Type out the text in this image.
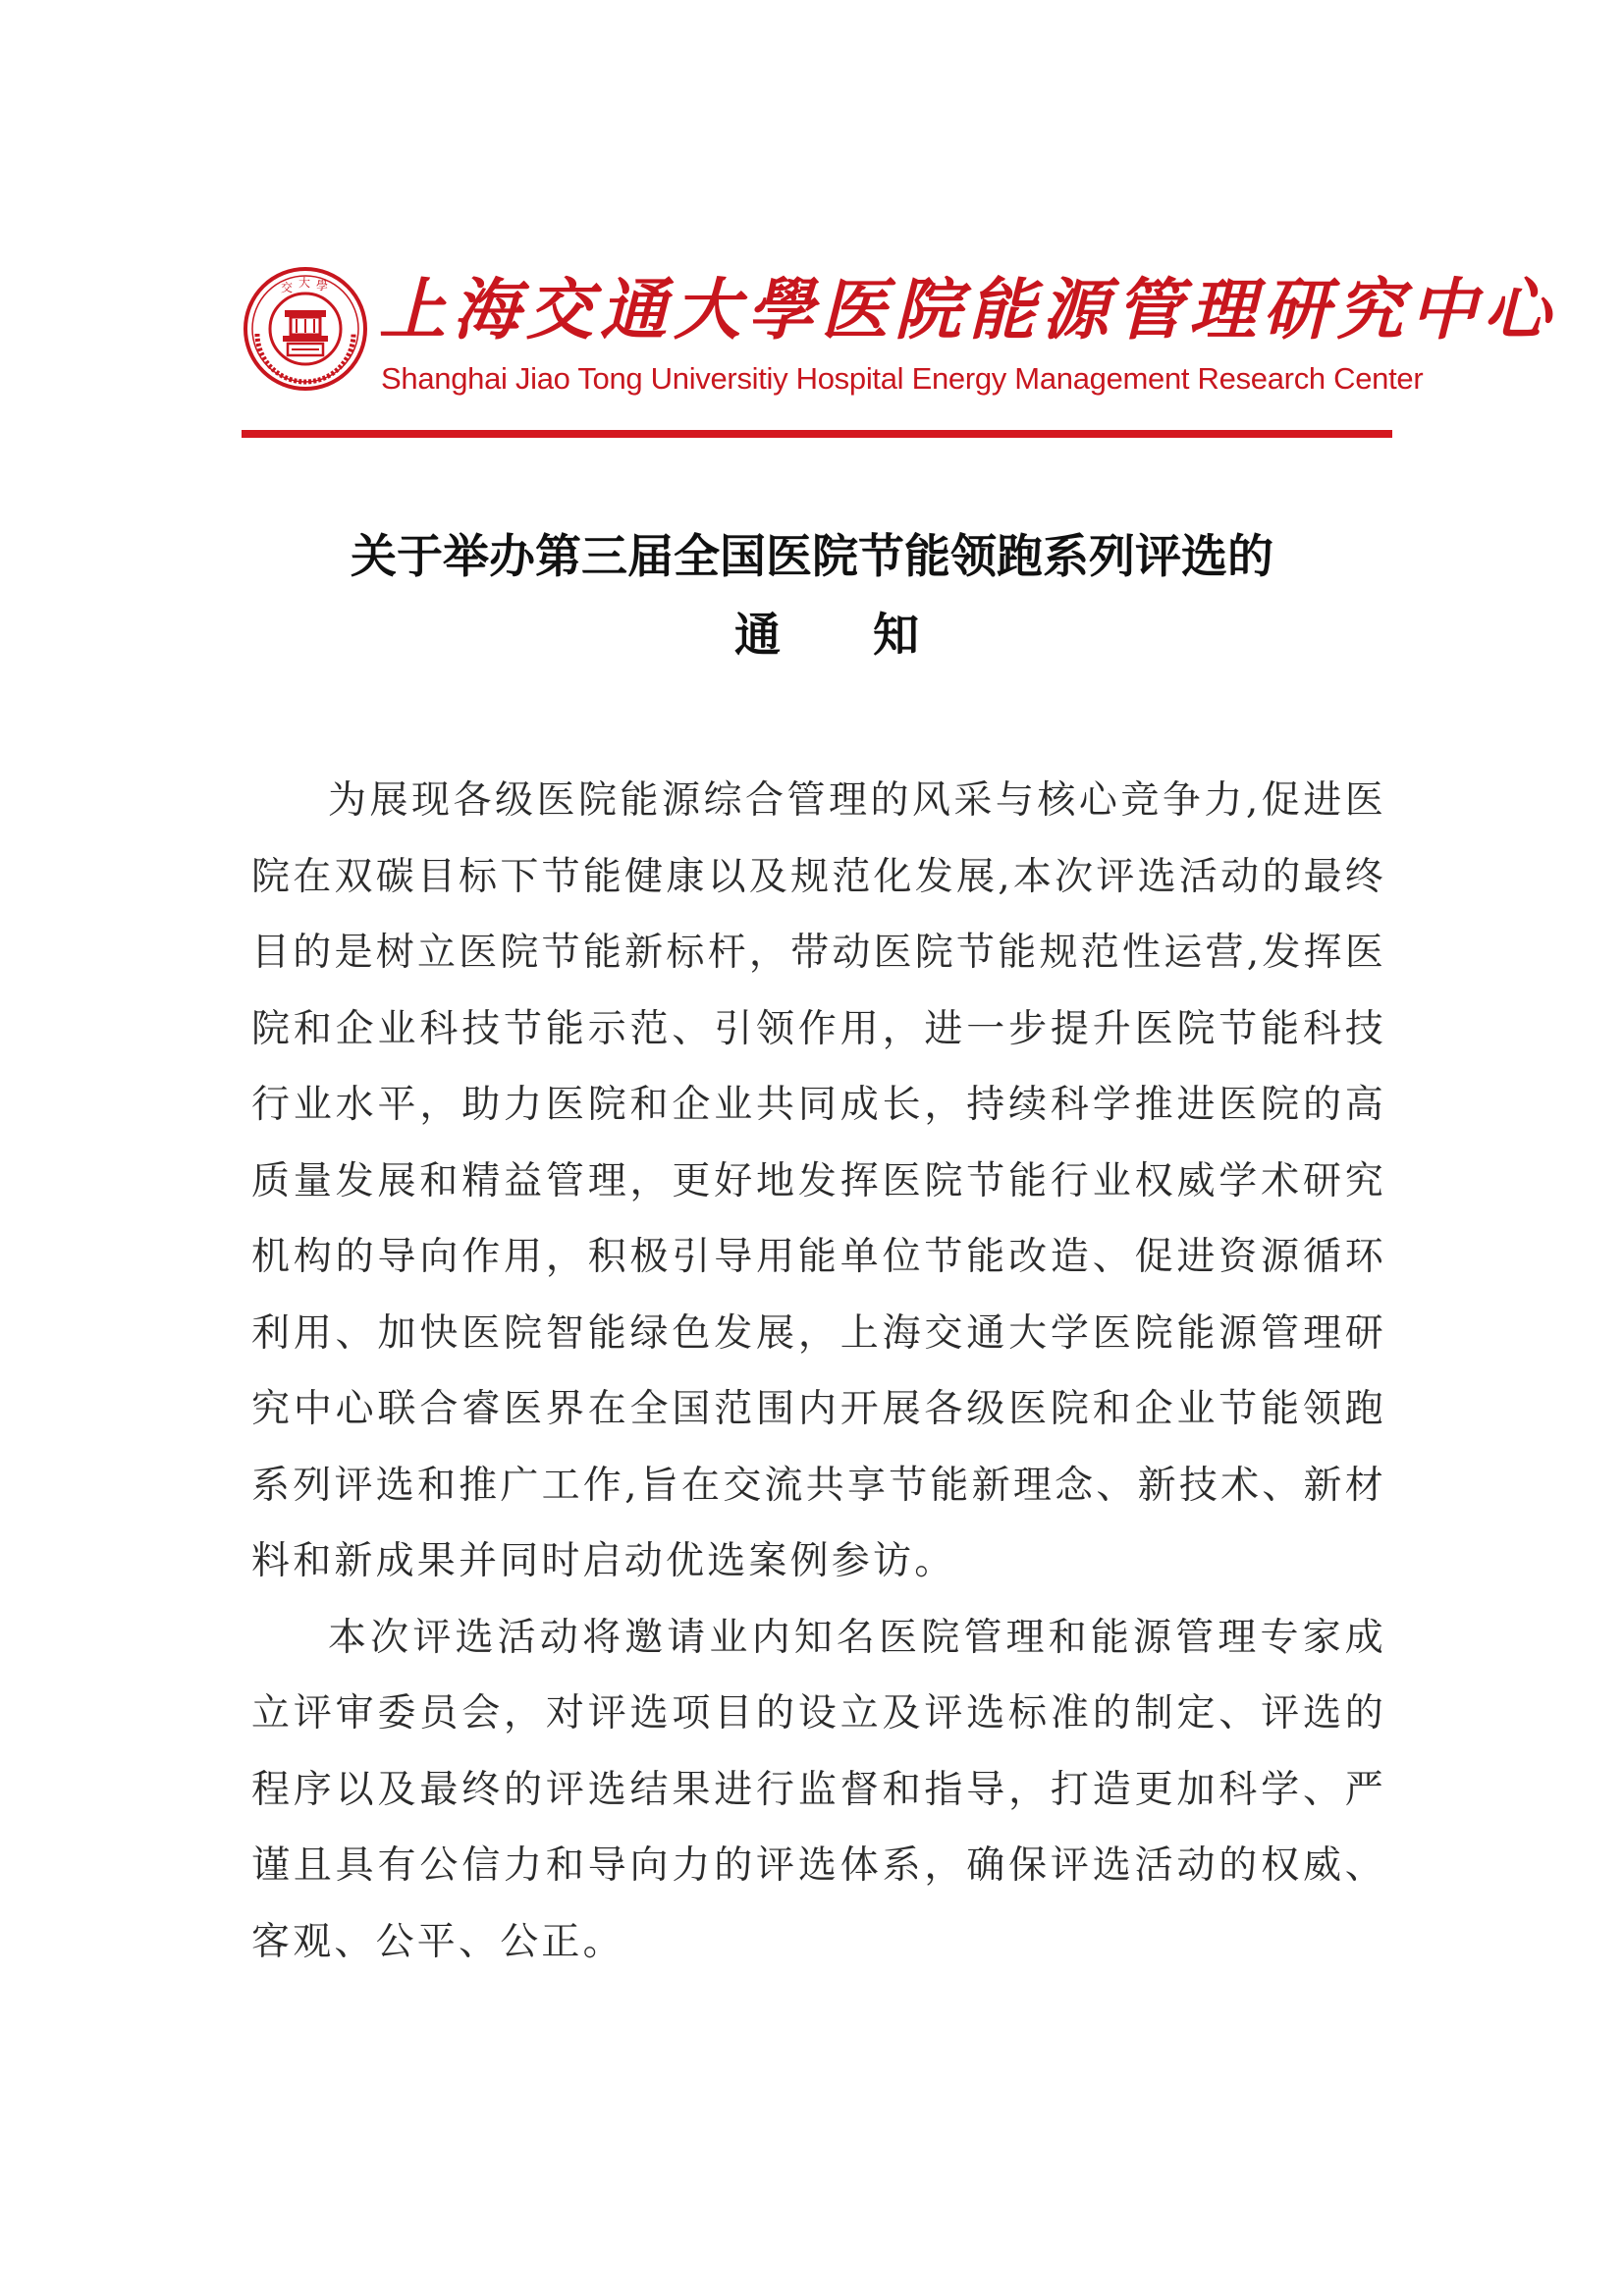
交 大 學 上海交通大學医院能源管理研究中心
Shanghai Jiao Tong Universitiy Hospital Energy Management Research Center
关于举办第三届全国医院节能领跑系列评选的
通　　知

为展现各级医院能源综合管理的风采与核心竞争力,促进医院在双碳目标下节能健康以及规范化发展,本次评选活动的最终目的是树立医院节能新标杆，带动医院节能规范性运营,发挥医院和企业科技节能示范、引领作用，进一步提升医院节能科技行业水平，助力医院和企业共同成长，持续科学推进医院的高质量发展和精益管理，更好地发挥医院节能行业权威学术研究机构的导向作用，积极引导用能单位节能改造、促进资源循环利用、加快医院智能绿色发展，上海交通大学医院能源管理研究中心联合睿医界在全国范围内开展各级医院和企业节能领跑系列评选和推广工作,旨在交流共享节能新理念、新技术、新材料和新成果并同时启动优选案例参访。

本次评选活动将邀请业内知名医院管理和能源管理专家成立评审委员会，对评选项目的设立及评选标准的制定、评选的程序以及最终的评选结果进行监督和指导，打造更加科学、严谨且具有公信力和导向力的评选体系，确保评选活动的权威、客观、公平、公正。
